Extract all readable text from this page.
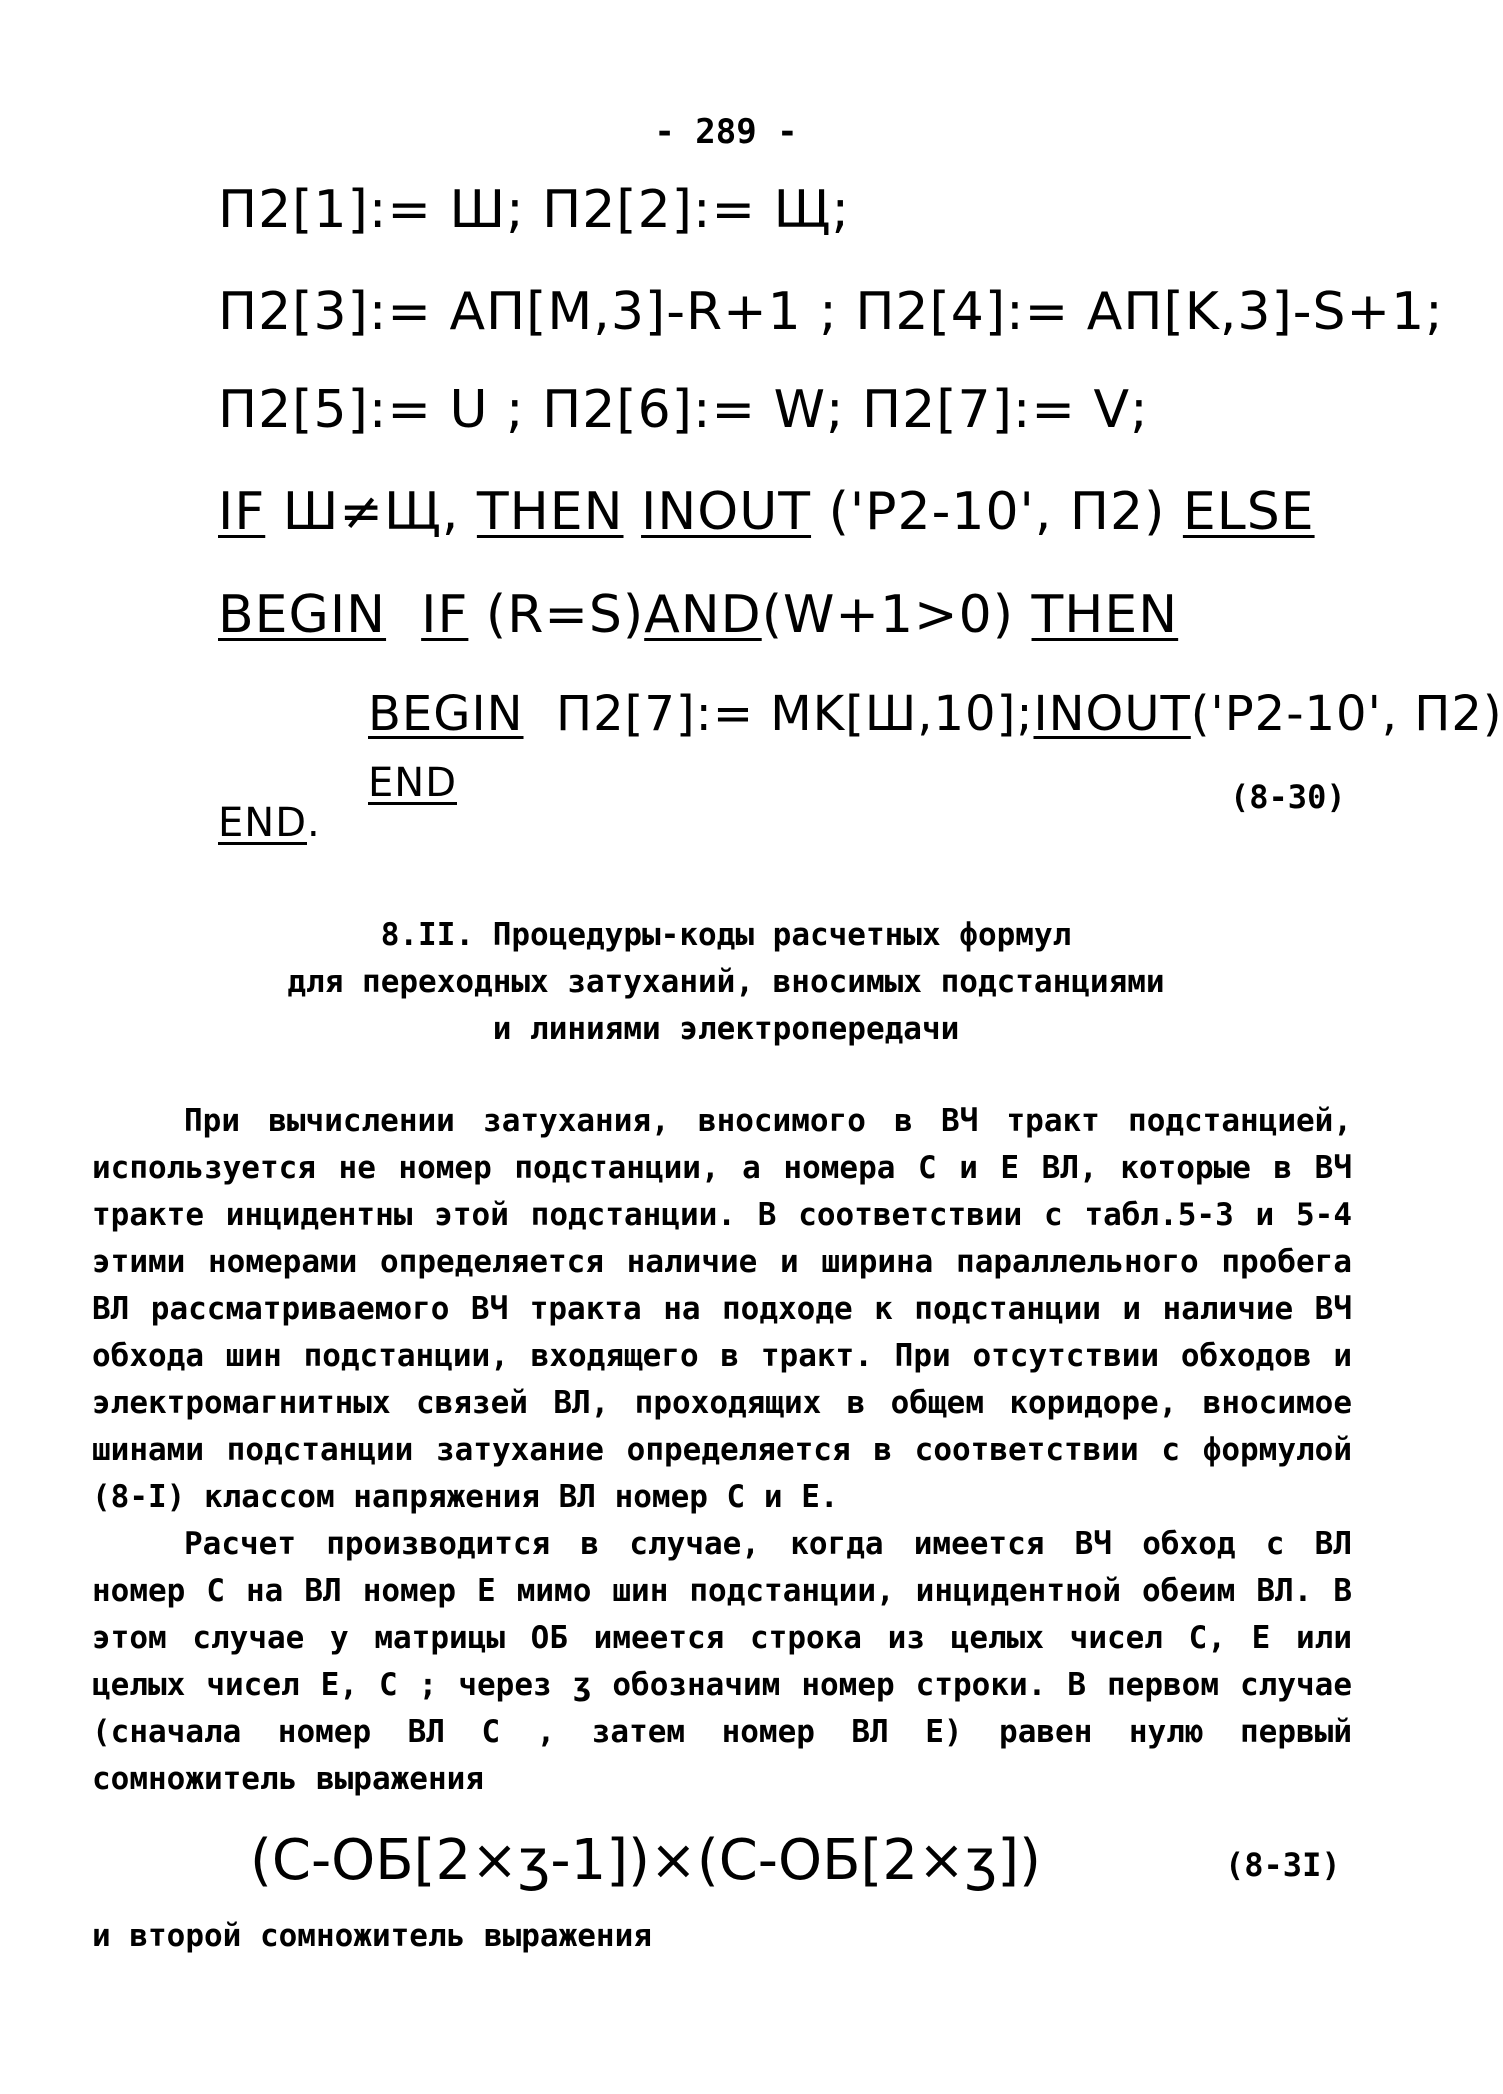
- 289 -
П2[1]:= Ш; П2[2]:= Щ;
П2[3]:= АП[M,3]-R+1 ; П2[4]:= АП[K,3]-S+1;
П2[5]:= U ; П2[6]:= W; П2[7]:= V;
IF Ш≠Щ, THEN INOUT ('P2-10', П2) ELSE
BEGIN IF (R=S)AND(W+1>0) THEN
BEGIN  П2[7]:= MK[Ш,10];INOUT('P2-10', П2)
END	(8-30)
END.
8.II. Процедуры-коды расчетных формул
для переходных затуханий, вносимых подстанциями
и линиями электропередачи

При вычислении затухания, вносимого в ВЧ тракт подстанцией, используется не номер подстанции, а номера C и E ВЛ, которые в ВЧ тракте инцидентны этой подстанции. В соответствии с табл.5-3 и 5-4 этими номерами определяется наличие и ширина параллельного пробега ВЛ рассматриваемого ВЧ тракта на подходе к подстанции и наличие ВЧ обхода шин подстанции, входящего в тракт. При отсутствии обходов и электромагнитных связей ВЛ, проходящих в общем коридоре, вносимое шинами подстанции затухание определяется в соответствии с формулой (8-I) классом напряжения ВЛ номер C и E.

Расчет производится в случае, когда имеется ВЧ обход с ВЛ номер C на ВЛ номер E мимо шин подстанции, инцидентной обеим ВЛ. В этом случае у матрицы ОБ имеется строка из целых чисел C, E или целых чисел E, C ; через ʒ обозначим номер строки. В первом случае (сначала номер ВЛ C , затем номер ВЛ E) равен нулю первый сомножитель выражения

(C-ОБ[2×ʒ-1])×(C-ОБ[2×ʒ])	(8-3I)
и второй сомножитель выражения
